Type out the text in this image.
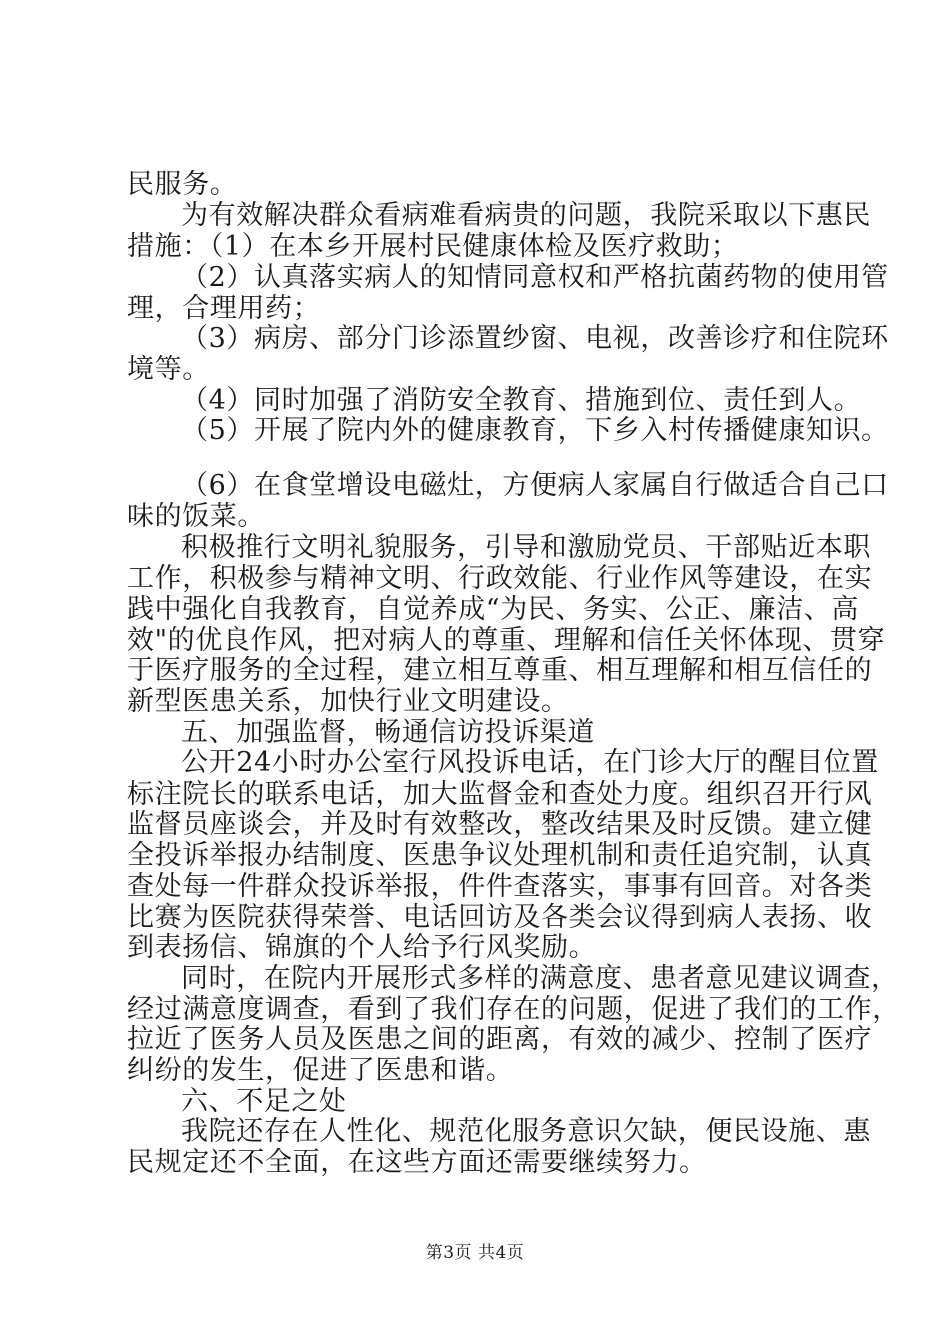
民服务。
为有效解决群众看病难看病贵的问题，我院采取以下惠民
措施：（1）在本乡开展村民健康体检及医疗救助；
（2）认真落实病人的知情同意权和严格抗菌药物的使用管
理，合理用药；
（3）病房、部分门诊添置纱窗、电视，改善诊疗和住院环
境等。
（4）同时加强了消防安全教育、措施到位、责任到人。
（5）开展了院内外的健康教育，下乡入村传播健康知识。
（6）在食堂增设电磁灶，方便病人家属自行做适合自己口
味的饭菜。
积极推行文明礼貌服务，引导和激励党员、干部贴近本职
工作，积极参与精神文明、行政效能、行业作风等建设，在实
践中强化自我教育，自觉养成“为民、务实、公正、廉洁、高
效"的优良作风，把对病人的尊重、理解和信任关怀体现、贯穿
于医疗服务的全过程，建立相互尊重、相互理解和相互信任的
新型医患关系，加快行业文明建设。
五、加强监督，畅通信访投诉渠道
公开24小时办公室行风投诉电话，在门诊大厅的醒目位置
标注院长的联系电话，加大监督金和查处力度。组织召开行风
监督员座谈会，并及时有效整改，整改结果及时反馈。建立健
全投诉举报办结制度、医患争议处理机制和责任追究制，认真
查处每一件群众投诉举报，件件查落实，事事有回音。对各类
比赛为医院获得荣誉、电话回访及各类会议得到病人表扬、收
到表扬信、锦旗的个人给予行风奖励。
同时，在院内开展形式多样的满意度、患者意见建议调查，
经过满意度调查，看到了我们存在的问题，促进了我们的工作，
拉近了医务人员及医患之间的距离，有效的减少、控制了医疗
纠纷的发生，促进了医患和谐。
六、不足之处
我院还存在人性化、规范化服务意识欠缺，便民设施、惠
民规定还不全面，在这些方面还需要继续努力。
第3页 共4页
